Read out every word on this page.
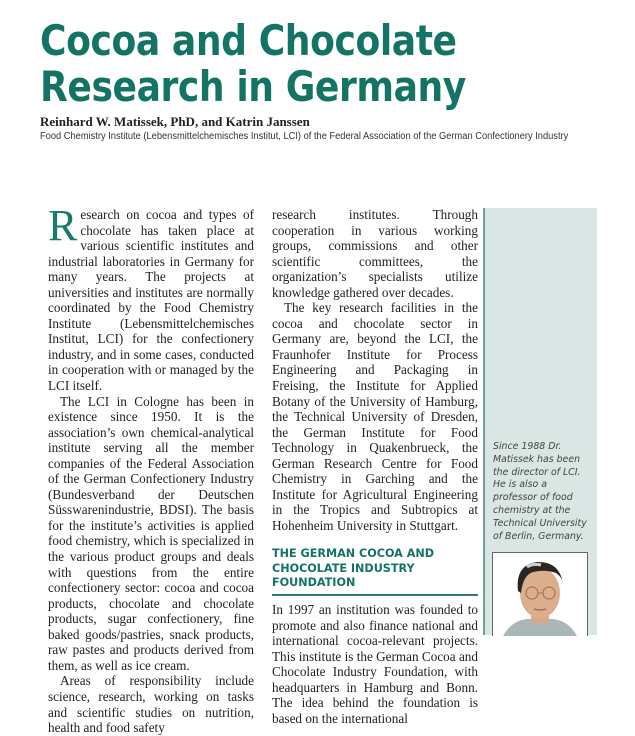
Cocoa and Chocolate
Research in Germany
Reinhard W. Matissek, PhD, and Katrin Janssen
Food Chemistry Institute (Lebensmittelchemisches Institut, LCI) of the Federal Association of the German Confectionery Industry

Research on cocoa and types of chocolate has taken place at various scientific institutes and industrial laboratories in Germany for many years. The projects at universities and institutes are normally coordinated by the Food Chemistry Institute (Lebensmittelchemisches Institut, LCI) for the confectionery industry, and in some cases, conducted in cooperation with or managed by the LCI itself.

The LCI in Cologne has been in existence since 1950. It is the association’s own chemical-analytical institute serving all the member companies of the Federal Association of the German Confectionery Industry (Bundesverband der Deutschen Süsswarenindustrie, BDSI). The basis for the institute’s activities is applied food chemistry, which is specialized in the various product groups and deals with questions from the entire confectionery sector: cocoa and cocoa products, chocolate and chocolate products, sugar confectionery, fine baked goods/pastries, snack products, raw pastes and products derived from them, as well as ice cream.

Areas of responsibility include science, research, working on tasks and scientific studies on nutrition, health and food safety

research institutes. Through cooperation in various working groups, commissions and other scientific committees, the organization’s specialists utilize knowledge gathered over decades.

The key research facilities in the cocoa and chocolate sector in Germany are, beyond the LCI, the Fraunhofer Institute for Process Engineering and Packaging in Freising, the Institute for Applied Botany of the University of Hamburg, the Technical University of Dresden, the German Institute for Food Technology in Quakenbrueck, the German Research Centre for Food Chemistry in Garching and the Institute for Agricultural Engineering in the Tropics and Subtropics at Hohenheim University in Stuttgart.

THE GERMAN COCOA AND CHOCOLATE INDUSTRY FOUNDATION

In 1997 an institution was founded to promote and also finance national and international cocoa-relevant projects. This institute is the German Cocoa and Chocolate Industry Foundation, with headquarters in Hamburg and Bonn. The idea behind the foundation is based on the international

Since 1988 Dr. Matissek has been the director of LCI. He is also a professor of food chemistry at the Technical University of Berlin, Germany.
